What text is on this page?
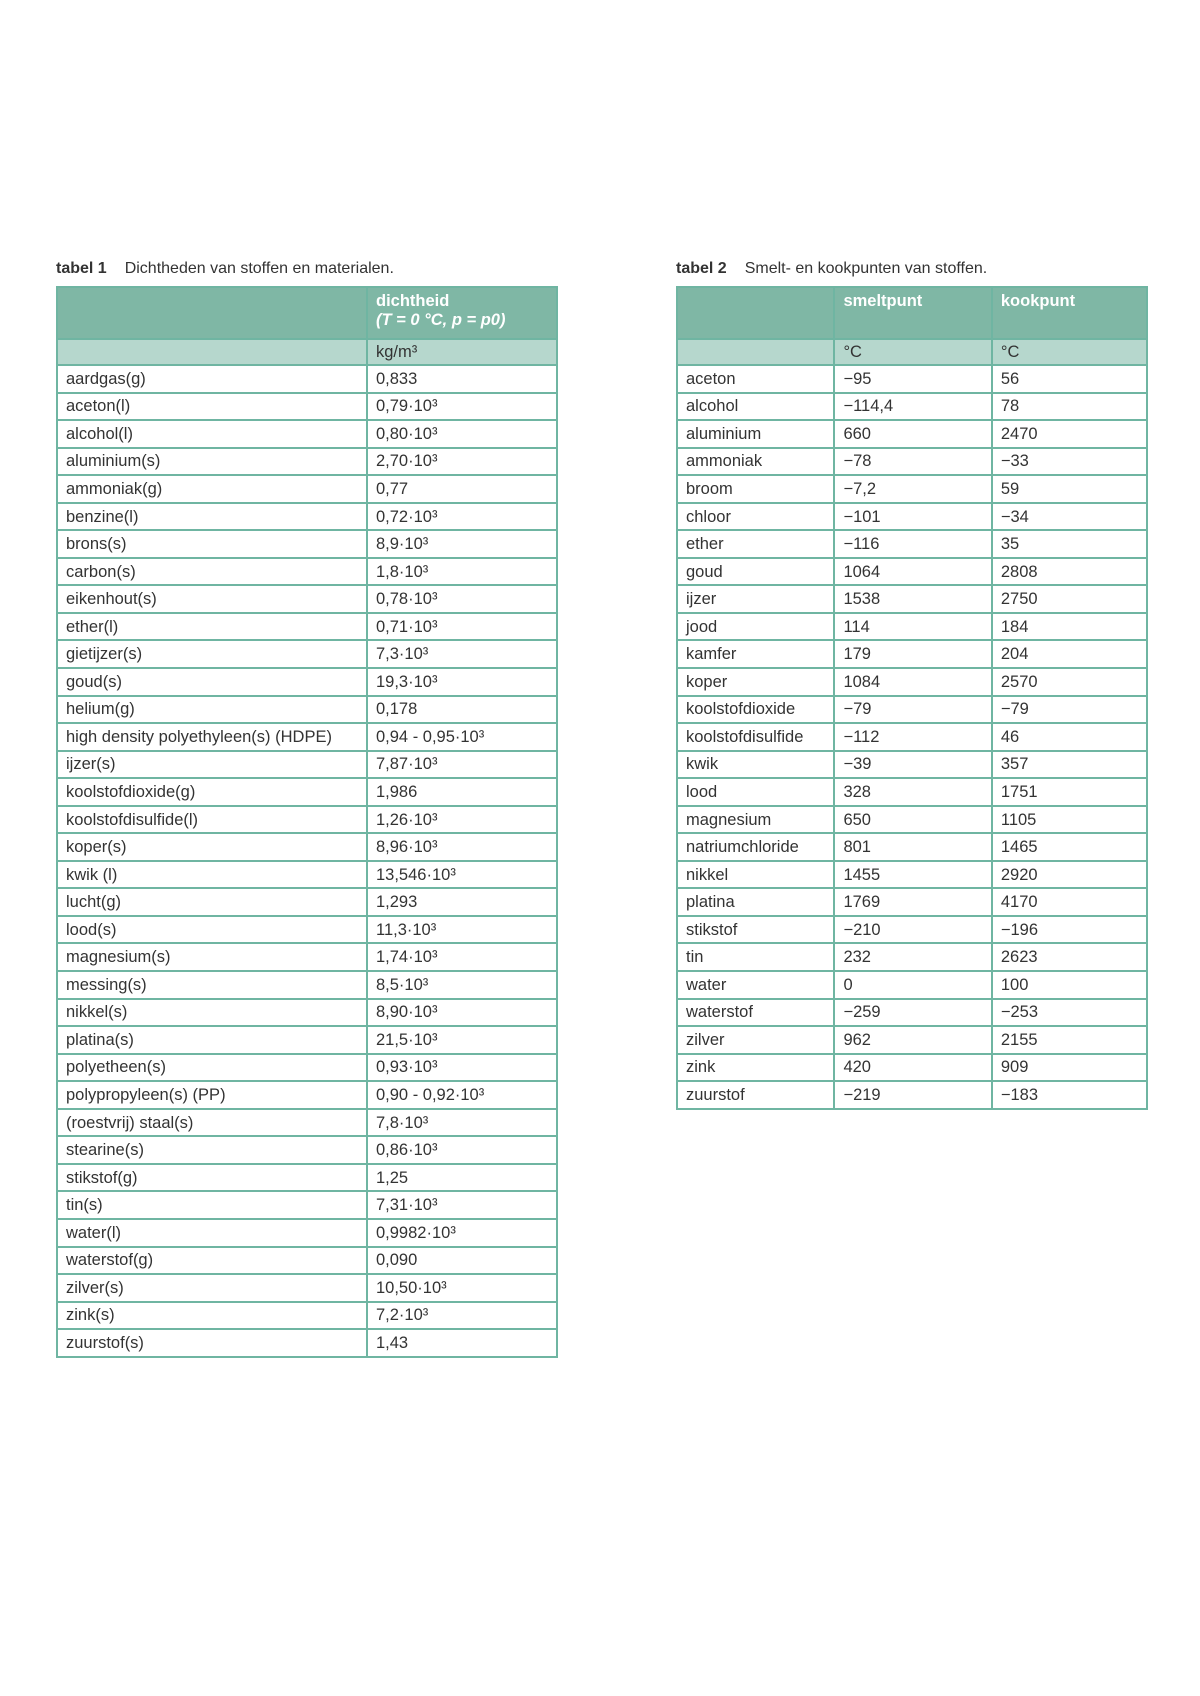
tabel 1 Dichtheden van stoffen en materialen.
	dichtheid
(T = 0 °C, p = p0)

	kg/m³
aardgas(g)	0,833
aceton(l)	0,79·10³
alcohol(l)	0,80·10³
aluminium(s)	2,70·10³
ammoniak(g)	0,77
benzine(l)	0,72·10³
brons(s)	8,9·10³
carbon(s)	1,8·10³
eikenhout(s)	0,78·10³
ether(l)	0,71·10³
gietijzer(s)	7,3·10³
goud(s)	19,3·10³
helium(g)	0,178
high density polyethyleen(s) (HDPE)	0,94 - 0,95·10³
ijzer(s)	7,87·10³
koolstofdioxide(g)	1,986
koolstofdisulfide(l)	1,26·10³
koper(s)	8,96·10³
kwik (l)	13,546·10³
lucht(g)	1,293
lood(s)	11,3·10³
magnesium(s)	1,74·10³
messing(s)	8,5·10³
nikkel(s)	8,90·10³
platina(s)	21,5·10³
polyetheen(s)	0,93·10³
polypropyleen(s) (PP)	0,90 - 0,92·10³
(roestvrij) staal(s)	7,8·10³
stearine(s)	0,86·10³
stikstof(g)	1,25
tin(s)	7,31·10³
water(l)	0,9982·10³
waterstof(g)	0,090
zilver(s)	10,50·10³
zink(s)	7,2·10³
zuurstof(s)	1,43
tabel 2 Smelt- en kookpunten van stoffen.
	smeltpunt	kookpunt
	°C	°C
aceton	−95	56
alcohol	−114,4	78
aluminium	660	2470
ammoniak	−78	−33
broom	−7,2	59
chloor	−101	−34
ether	−116	35
goud	1064	2808
ijzer	1538	2750
jood	114	184
kamfer	179	204
koper	1084	2570
koolstofdioxide	−79	−79
koolstofdisulfide	−112	46
kwik	−39	357
lood	328	1751
magnesium	650	1105
natriumchloride	801	1465
nikkel	1455	2920
platina	1769	4170
stikstof	−210	−196
tin	232	2623
water	0	100
waterstof	−259	−253
zilver	962	2155
zink	420	909
zuurstof	−219	−183
